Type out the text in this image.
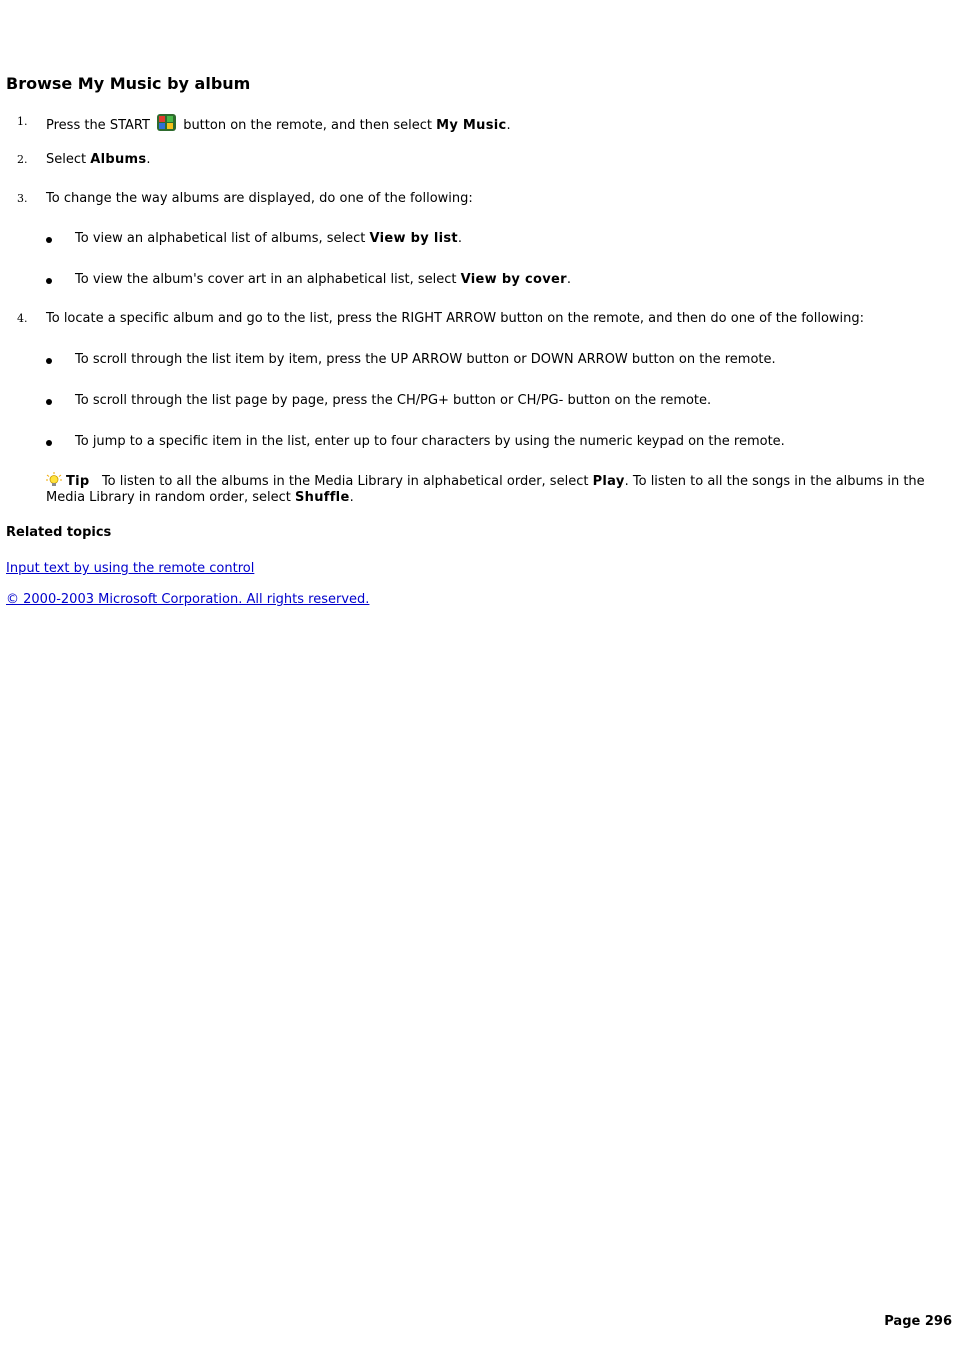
Browse My Music by album
1. Press the START
button on the remote, and then select My Music.
2. Select Albums.
3. To change the way albums are displayed, do one of the following:
To view an alphabetical list of albums, select View by list.
To view the album's cover art in an alphabetical list, select View by cover.
4. To locate a specific album and go to the list, press the RIGHT ARROW button on the remote, and then do one of the following:
To scroll through the list item by item, press the UP ARROW button or DOWN ARROW button on the remote.
To scroll through the list page by page, press the CH/PG+ button or CH/PG- button on the remote.
To jump to a specific item in the list, enter up to four characters by using the numeric keypad on the remote.
Tip To listen to all the albums in the Media Library in alphabetical order, select Play. To listen to all the songs in the albums in the Media Library in random order, select Shuffle.
Related topics
Input text by using the remote control
© 2000-2003 Microsoft Corporation. All rights reserved.
Page 296
